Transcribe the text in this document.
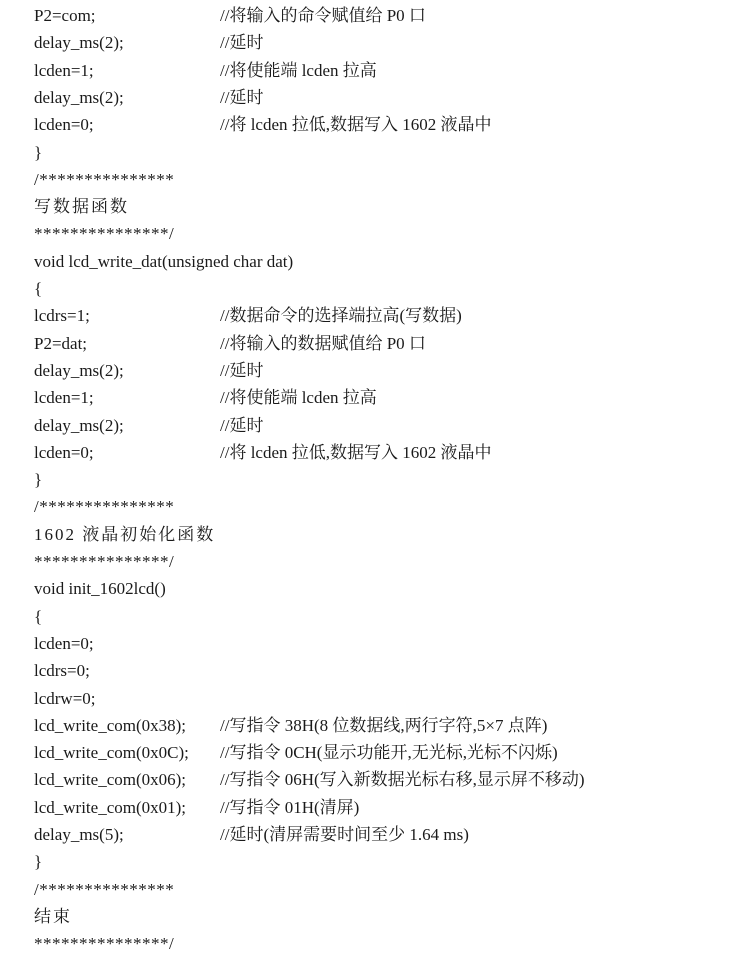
P2=com;	//将输入的命令赋值给 P0 口
delay_ms(2);	//延时
lcden=1;	//将使能端 lcden 拉高
delay_ms(2);	//延时
lcden=0;	//将 lcden 拉低,数据写入 1602 液晶中
}
/***************
写数据函数
***************/
void lcd_write_dat(unsigned char dat)
{
lcdrs=1;	//数据命令的选择端拉高(写数据)
P2=dat;	//将输入的数据赋值给 P0 口
delay_ms(2);	//延时
lcden=1;	//将使能端 lcden 拉高
delay_ms(2);	//延时
lcden=0;	//将 lcden 拉低,数据写入 1602 液晶中
}
/***************
1602 液晶初始化函数
***************/
void init_1602lcd()
{
lcden=0;
lcdrs=0;
lcdrw=0;
lcd_write_com(0x38); //写指令 38H(8 位数据线,两行字符,5×7 点阵)
lcd_write_com(0x0C); //写指令 0CH(显示功能开,无光标,光标不闪烁)
lcd_write_com(0x06); //写指令 06H(写入新数据光标右移,显示屏不移动)
lcd_write_com(0x01); //写指令 01H(清屏)
delay_ms(5);	//延时(清屏需要时间至少 1.64 ms)
}
/***************
结束
***************/
